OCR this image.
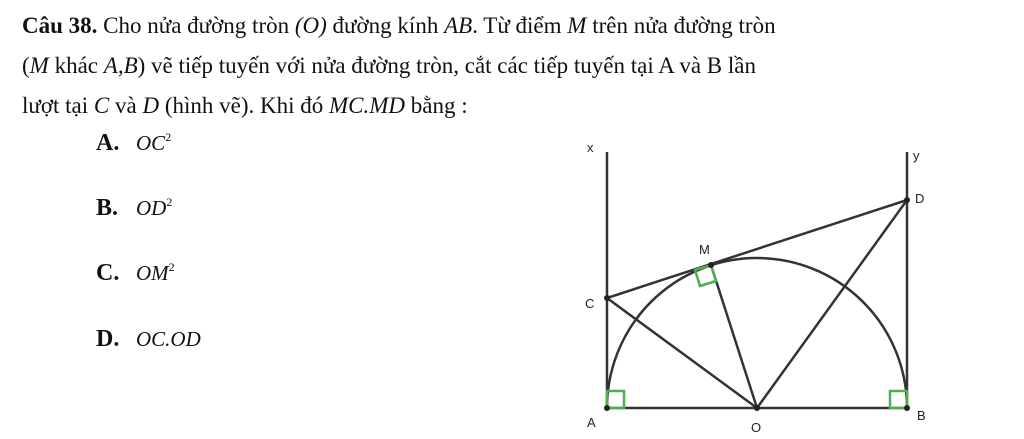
Câu 38. Cho nửa đường tròn (O) đường kính AB. Từ điểm M trên nửa đường tròn
(M khác A,B) vẽ tiếp tuyến với nửa đường tròn, cắt các tiếp tuyến tại A và B lần
lượt tại C và D (hình vẽ). Khi đó MC.MD bằng :
A. $OC^2$
B. $OD^2$
C. $OM^2$
D. OC.OD
x
y
D
M
C
A	O
B
